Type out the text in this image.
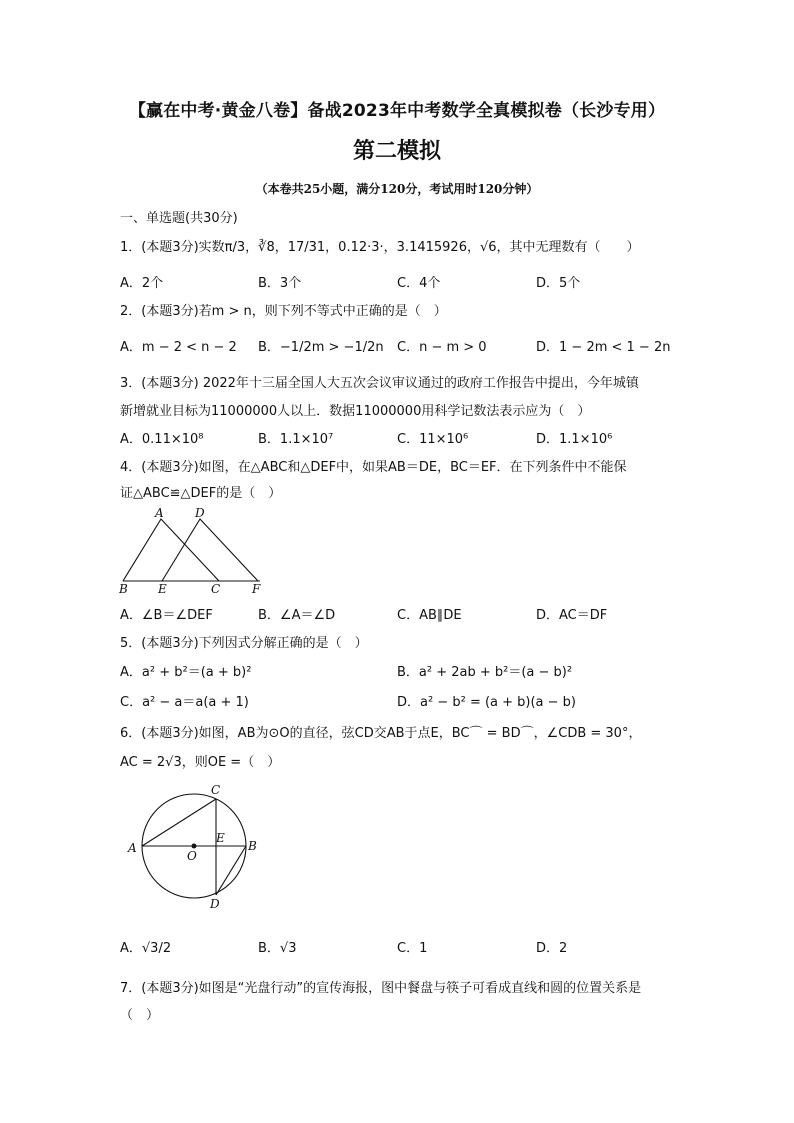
【赢在中考·黄金八卷】备战2023年中考数学全真模拟卷（长沙专用）
第二模拟
（本卷共25小题，满分120分，考试用时120分钟）
一、单选题(共30分)
1．(本题3分)实数π/3，∛8，17/31，0.12·3·，3.1415926，√6，其中无理数有（　　）
A．2个	B．3个	C．4个	D．5个
2．(本题3分)若m > n，则下列不等式中正确的是（　）
A．m − 2 < n − 2 B．−1/2m > −1/2n C．n − m > 0	D．1 − 2m < 1 − 2n
3．(本题3分) 2022年十三届全国人大五次会议审议通过的政府工作报告中提出，今年城镇
新增就业目标为11000000人以上．数据11000000用科学记数法表示应为（　）
A．0.11×10⁸	B．1.1×10⁷	C．11×10⁶	D．1.1×10⁶
4．(本题3分)如图，在△ABC和△DEF中，如果AB＝DE，BC＝EF．在下列条件中不能保
证△ABC≌△DEF的是（　）
A	D
B	E	C	F
A．∠B＝∠DEF	B．∠A＝∠D	C．AB∥DE	D．AC＝DF
5．(本题3分)下列因式分解正确的是（　）
A．a² + b²＝(a + b)²	B．a² + 2ab + b²＝(a − b)²
C．a² − a＝a(a + 1)	D．a² − b² = (a + b)(a − b)
6．(本题3分)如图，AB为⊙O的直径，弦CD交AB于点E，BC⌒ = BD⌒，∠CDB = 30°，
AC = 2√3，则OE =（　）
C
E
A
O
B
D
A．√3/2	B．√3	C．1	D．2
7．(本题3分)如图是“光盘行动”的宣传海报，图中餐盘与筷子可看成直线和圆的位置关系是
（　）
